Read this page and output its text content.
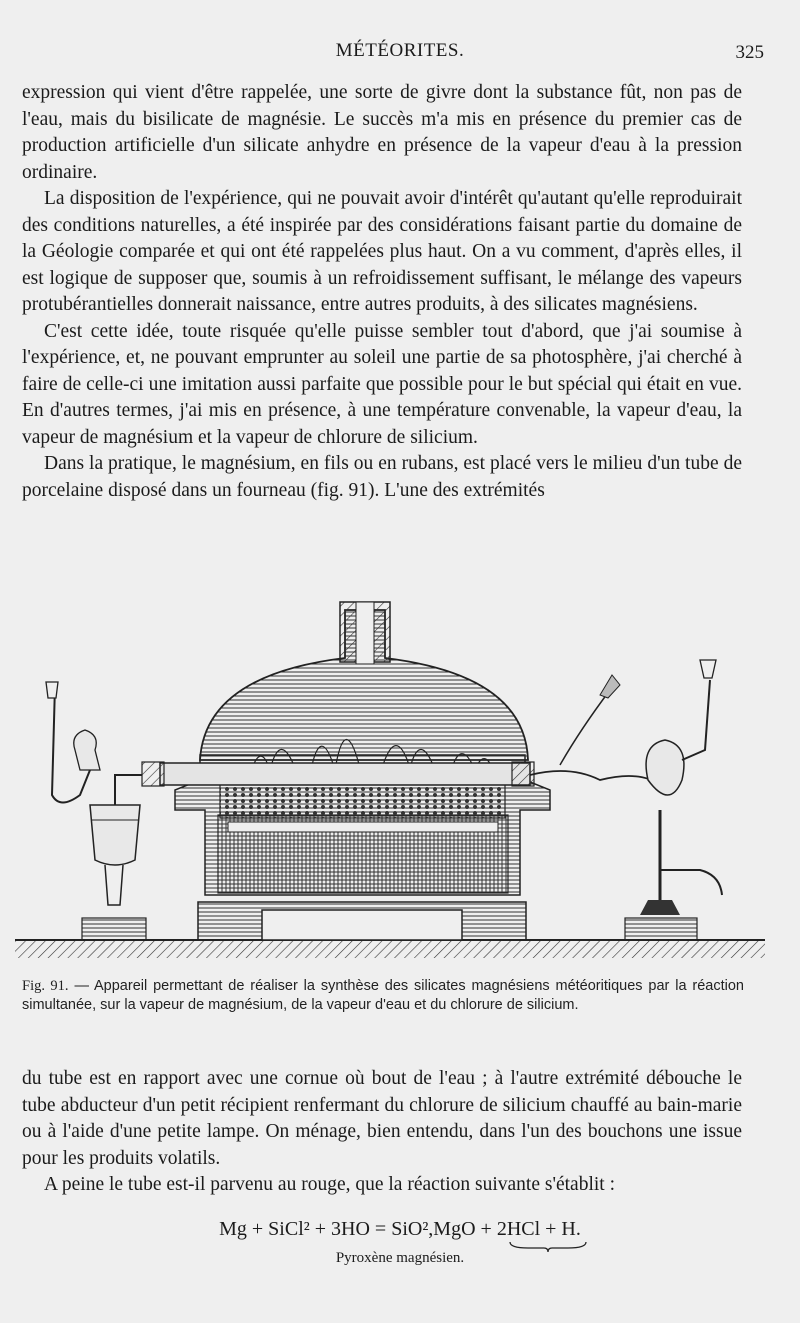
MÉTÉORITES.	325

expression qui vient d'être rappelée, une sorte de givre dont la substance fût, non pas de l'eau, mais du bisilicate de magnésie. Le succès m'a mis en présence du premier cas de production artificielle d'un silicate anhydre en présence de la vapeur d'eau à la pression ordinaire.

La disposition de l'expérience, qui ne pouvait avoir d'intérêt qu'autant qu'elle reproduirait des conditions naturelles, a été inspirée par des considérations faisant partie du domaine de la Géologie comparée et qui ont été rappelées plus haut. On a vu comment, d'après elles, il est logique de supposer que, soumis à un refroidissement suffisant, le mélange des vapeurs protubérantielles donnerait naissance, entre autres produits, à des silicates magnésiens.

C'est cette idée, toute risquée qu'elle puisse sembler tout d'abord, que j'ai soumise à l'expérience, et, ne pouvant emprunter au soleil une partie de sa photosphère, j'ai cherché à faire de celle-ci une imitation aussi parfaite que possible pour le but spécial qui était en vue. En d'autres termes, j'ai mis en présence, à une température convenable, la vapeur d'eau, la vapeur de magnésium et la vapeur de chlorure de silicium.

Dans la pratique, le magnésium, en fils ou en rubans, est placé vers le milieu d'un tube de porcelaine disposé dans un fourneau (fig. 91). L'une des extrémités

Fig. 91. — Appareil permettant de réaliser la synthèse des silicates magnésiens météoritiques par la réaction simultanée, sur la vapeur de magnésium, de la vapeur d'eau et du chlorure de silicium.

du tube est en rapport avec une cornue où bout de l'eau ; à l'autre extrémité débouche le tube abducteur d'un petit récipient renfermant du chlorure de silicium chauffé au bain-marie ou à l'aide d'une petite lampe. On ménage, bien entendu, dans l'un des bouchons une issue pour les produits volatils.

A peine le tube est-il parvenu au rouge, que la réaction suivante s'établit :

Mg + SiCl² + 3HO = SiO²,MgO + 2HCl + H.
Pyroxène magnésien.
